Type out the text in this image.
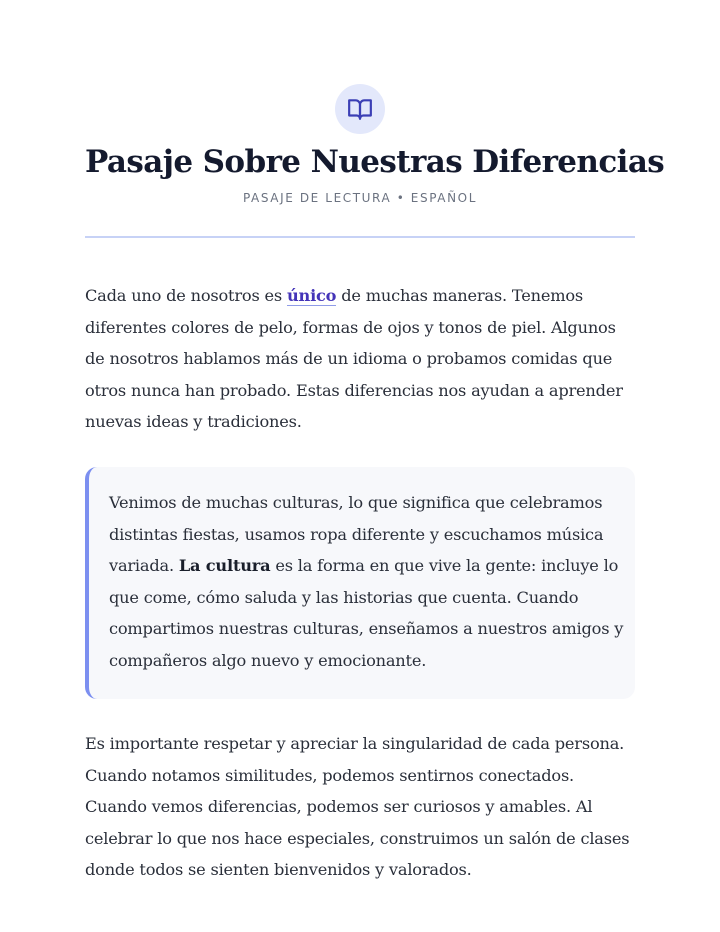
Pasaje Sobre Nuestras Diferencias
PASAJE DE LECTURA • ESPAÑOL

Cada uno de nosotros es único de muchas maneras. Tenemos diferentes colores de pelo, formas de ojos y tonos de piel. Algunos de nosotros hablamos más de un idioma o probamos comidas que otros nunca han probado. Estas diferencias nos ayudan a aprender nuevas ideas y tradiciones.

Venimos de muchas culturas, lo que significa que celebramos distintas fiestas, usamos ropa diferente y escuchamos música variada. La cultura es la forma en que vive la gente: incluye lo que come, cómo saluda y las historias que cuenta. Cuando compartimos nuestras culturas, enseñamos a nuestros amigos y compañeros algo nuevo y emocionante.

Es importante respetar y apreciar la singularidad de cada persona. Cuando notamos similitudes, podemos sentirnos conectados. Cuando vemos diferencias, podemos ser curiosos y amables. Al celebrar lo que nos hace especiales, construimos un salón de clases donde todos se sienten bienvenidos y valorados.
